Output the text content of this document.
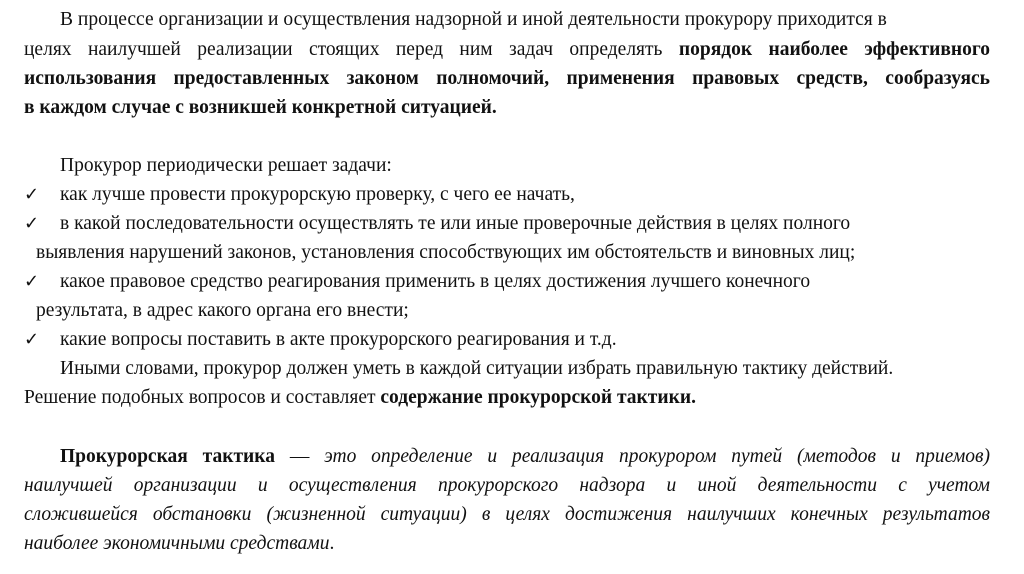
В процессе организации и осуществления надзорной и иной деятельности прокурору приходится в
целях наилучшей реализации стоящих перед ним задач определять порядок наиболее эффективного
использования предоставленных законом полномочий, применения правовых средств, сообразуясь
в каждом случае с возникшей конкретной ситуацией.
Прокурор периодически решает задачи:
✓ как лучше провести прокурорскую проверку, с чего ее начать,
✓ в какой последовательности осуществлять те или иные проверочные действия в целях полного
выявления нарушений законов, установления способствующих им обстоятельств и виновных лиц;
✓ какое правовое средство реагирования применить в целях достижения лучшего конечного
результата, в адрес какого органа его внести;
✓ какие вопросы поставить в акте прокурорского реагирования и т.д.
Иными словами, прокурор должен уметь в каждой ситуации избрать правильную тактику действий.
Решение подобных вопросов и составляет содержание прокурорской тактики.
Прокурорская тактика — это определение и реализация прокурором путей (методов и приемов)
наилучшей организации и осуществления прокурорского надзора и иной деятельности с учетом
сложившейся обстановки (жизненной ситуации) в целях достижения наилучших конечных результатов
наиболее экономичными средствами.
